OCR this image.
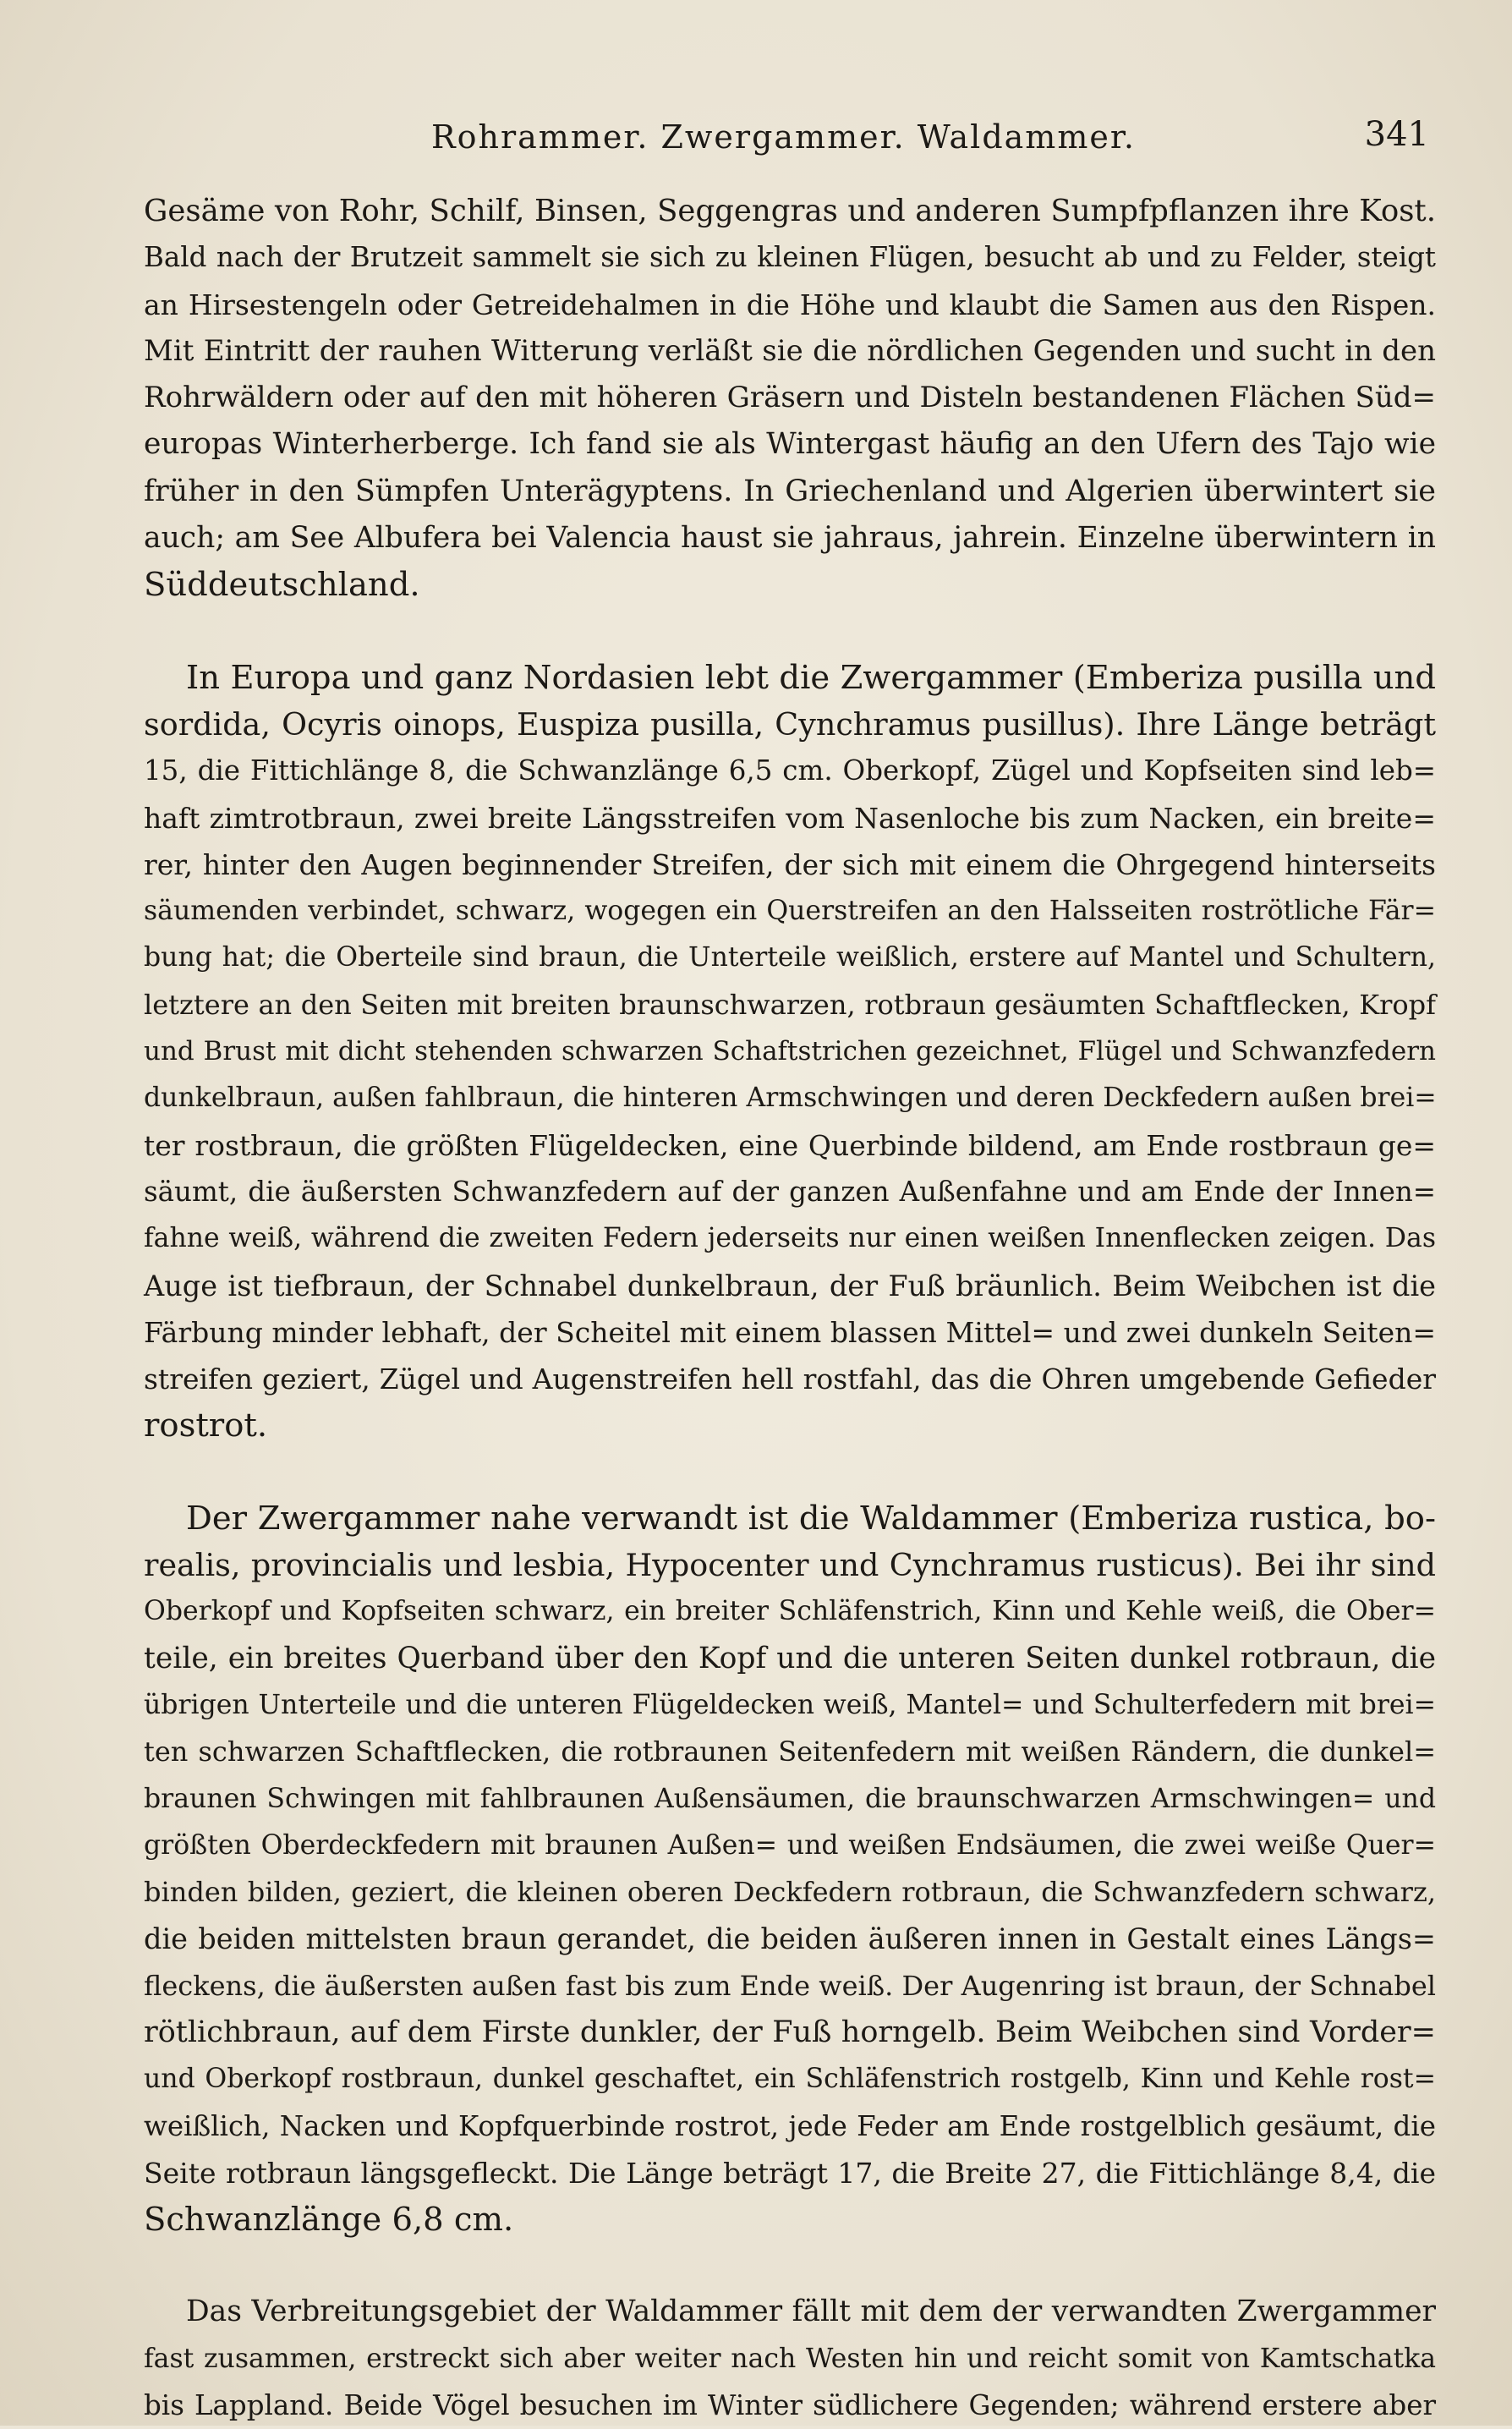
Rohrammer. Zwergammer. Waldammer.	341

Gesäme von Rohr, Schilf, Binsen, Seggengras und anderen Sumpfpflanzen ihre Kost.
Bald nach der Brutzeit sammelt sie sich zu kleinen Flügen, besucht ab und zu Felder, steigt
an Hirsestengeln oder Getreidehalmen in die Höhe und klaubt die Samen aus den Rispen.
Mit Eintritt der rauhen Witterung verläßt sie die nördlichen Gegenden und sucht in den
Rohrwäldern oder auf den mit höheren Gräsern und Disteln bestandenen Flächen Süd=
europas Winterherberge. Ich fand sie als Wintergast häufig an den Ufern des Tajo wie
früher in den Sümpfen Unterägyptens. In Griechenland und Algerien überwintert sie
auch; am See Albufera bei Valencia haust sie jahraus, jahrein. Einzelne überwintern in
Süddeutschland.

In Europa und ganz Nordasien lebt die Zwergammer (Emberiza pusilla und
sordida, Ocyris oinops, Euspiza pusilla, Cynchramus pusillus). Ihre Länge beträgt
15, die Fittichlänge 8, die Schwanzlänge 6,5 cm. Oberkopf, Zügel und Kopfseiten sind leb=
haft zimtrotbraun, zwei breite Längsstreifen vom Nasenloche bis zum Nacken, ein breite=
rer, hinter den Augen beginnender Streifen, der sich mit einem die Ohrgegend hinterseits
säumenden verbindet, schwarz, wogegen ein Querstreifen an den Halsseiten roströtliche Fär=
bung hat; die Oberteile sind braun, die Unterteile weißlich, erstere auf Mantel und Schultern,
letztere an den Seiten mit breiten braunschwarzen, rotbraun gesäumten Schaftflecken, Kropf
und Brust mit dicht stehenden schwarzen Schaftstrichen gezeichnet, Flügel und Schwanzfedern
dunkelbraun, außen fahlbraun, die hinteren Armschwingen und deren Deckfedern außen brei=
ter rostbraun, die größten Flügeldecken, eine Querbinde bildend, am Ende rostbraun ge=
säumt, die äußersten Schwanzfedern auf der ganzen Außenfahne und am Ende der Innen=
fahne weiß, während die zweiten Federn jederseits nur einen weißen Innenflecken zeigen. Das
Auge ist tiefbraun, der Schnabel dunkelbraun, der Fuß bräunlich. Beim Weibchen ist die
Färbung minder lebhaft, der Scheitel mit einem blassen Mittel= und zwei dunkeln Seiten=
streifen geziert, Zügel und Augenstreifen hell rostfahl, das die Ohren umgebende Gefieder
rostrot.

Der Zwergammer nahe verwandt ist die Waldammer (Emberiza rustica, bo-
realis, provincialis und lesbia, Hypocenter und Cynchramus rusticus). Bei ihr sind
Oberkopf und Kopfseiten schwarz, ein breiter Schläfenstrich, Kinn und Kehle weiß, die Ober=
teile, ein breites Querband über den Kopf und die unteren Seiten dunkel rotbraun, die
übrigen Unterteile und die unteren Flügeldecken weiß, Mantel= und Schulterfedern mit brei=
ten schwarzen Schaftflecken, die rotbraunen Seitenfedern mit weißen Rändern, die dunkel=
braunen Schwingen mit fahlbraunen Außensäumen, die braunschwarzen Armschwingen= und
größten Oberdeckfedern mit braunen Außen= und weißen Endsäumen, die zwei weiße Quer=
binden bilden, geziert, die kleinen oberen Deckfedern rotbraun, die Schwanzfedern schwarz,
die beiden mittelsten braun gerandet, die beiden äußeren innen in Gestalt eines Längs=
fleckens, die äußersten außen fast bis zum Ende weiß. Der Augenring ist braun, der Schnabel
rötlichbraun, auf dem Firste dunkler, der Fuß horngelb. Beim Weibchen sind Vorder=
und Oberkopf rostbraun, dunkel geschaftet, ein Schläfenstrich rostgelb, Kinn und Kehle rost=
weißlich, Nacken und Kopfquerbinde rostrot, jede Feder am Ende rostgelblich gesäumt, die
Seite rotbraun längsgefleckt. Die Länge beträgt 17, die Breite 27, die Fittichlänge 8,4, die
Schwanzlänge 6,8 cm.

Das Verbreitungsgebiet der Waldammer fällt mit dem der verwandten Zwergammer
fast zusammen, erstreckt sich aber weiter nach Westen hin und reicht somit von Kamtschatka
bis Lappland. Beide Vögel besuchen im Winter südlichere Gegenden; während erstere aber
